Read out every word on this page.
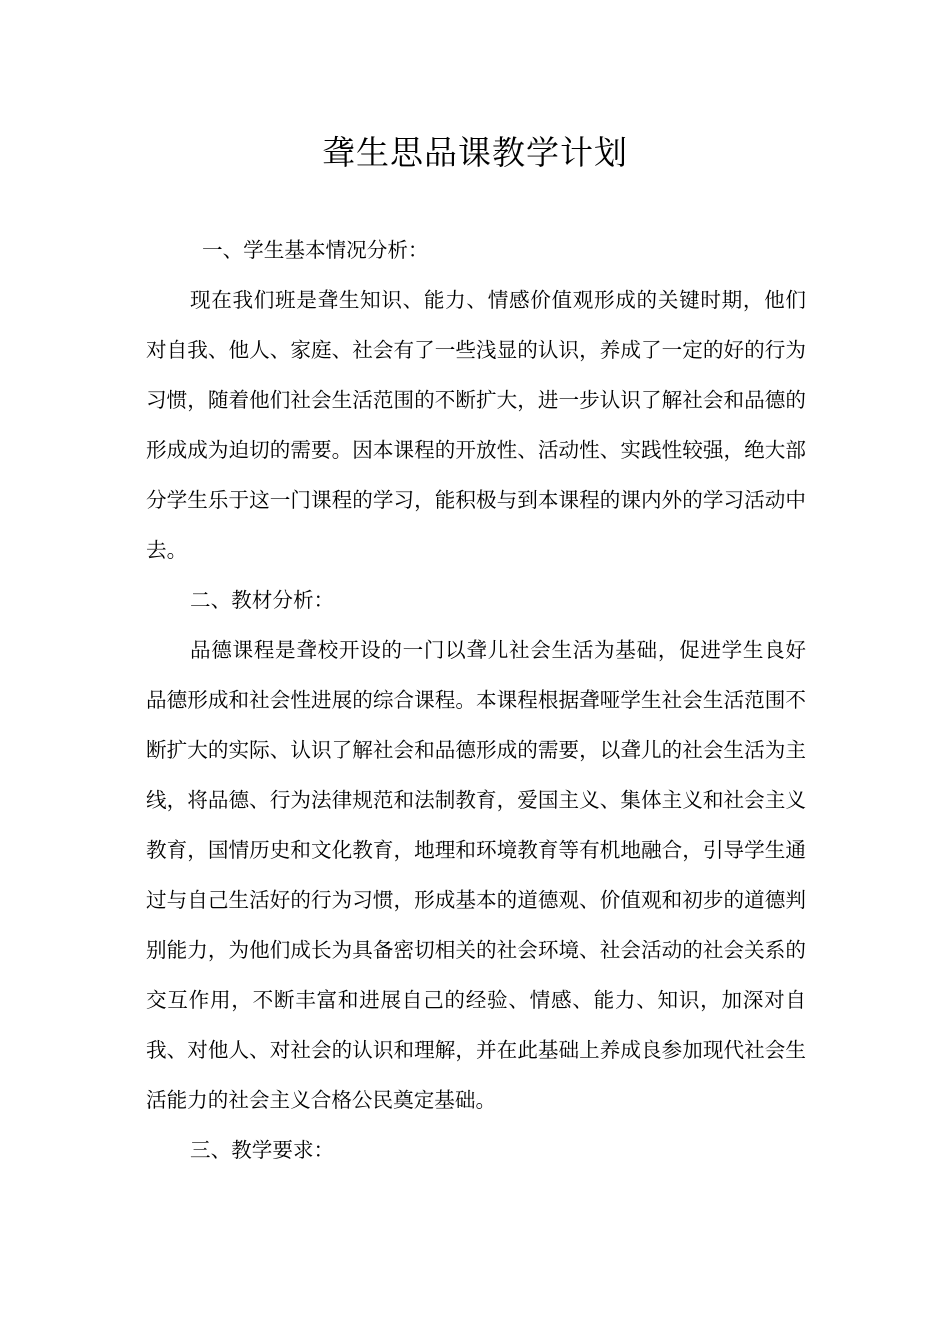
聋生思品课教学计划

一、学生基本情况分析：

现在我们班是聋生知识、能力、情感价值观形成的关键时期，他们对自我、他人、家庭、社会有了一些浅显的认识，养成了一定的好的行为习惯，随着他们社会生活范围的不断扩大，进一步认识了解社会和品德的形成成为迫切的需要。因本课程的开放性、活动性、实践性较强，绝大部分学生乐于这一门课程的学习，能积极与到本课程的课内外的学习活动中去。

二、教材分析：

品德课程是聋校开设的一门以聋儿社会生活为基础，促进学生良好品德形成和社会性进展的综合课程。本课程根据聋哑学生社会生活范围不断扩大的实际、认识了解社会和品德形成的需要，以聋儿的社会生活为主线，将品德、行为法律规范和法制教育，爱国主义、集体主义和社会主义教育，国情历史和文化教育，地理和环境教育等有机地融合，引导学生通过与自己生活好的行为习惯，形成基本的道德观、价值观和初步的道德判别能力，为他们成长为具备密切相关的社会环境、社会活动的社会关系的交互作用，不断丰富和进展自己的经验、情感、能力、知识，加深对自我、对他人、对社会的认识和理解，并在此基础上养成良参加现代社会生活能力的社会主义合格公民奠定基础。

三、教学要求：
